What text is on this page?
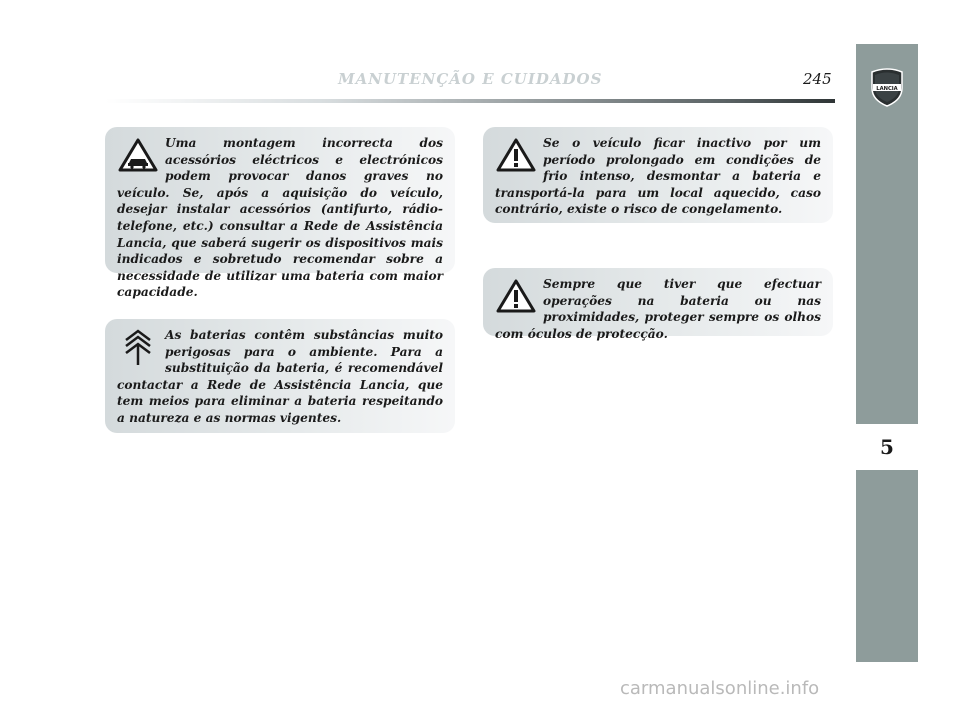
MANUTENÇÃO E CUIDADOS	245
LANCIA
5
Uma montagem incorrecta dos acessórios eléctricos e electrónicos podem provocar danos graves no veículo. Se, após a aquisição do veículo, desejar instalar acessórios (antifurto, rádio-telefone, etc.) consultar a Rede de Assistência Lancia, que saberá sugerir os dispositivos mais indicados e sobretudo recomendar sobre a necessidade de utilizar uma bateria com maior capacidade.
As baterias contêm substâncias muito perigosas para o ambiente. Para a substituição da bateria, é recomendável contactar a Rede de Assistência Lancia, que tem meios para eliminar a bateria respeitando a natureza e as normas vigentes.
Se o veículo ficar inactivo por um período prolongado em condições de frio intenso, desmontar a bateria e transportá-la para um local aquecido, caso contrário, existe o risco de congelamento.
Sempre que tiver que efectuar operações na bateria ou nas proximidades, proteger sempre os olhos com óculos de protecção.
carmanualsonline.info
